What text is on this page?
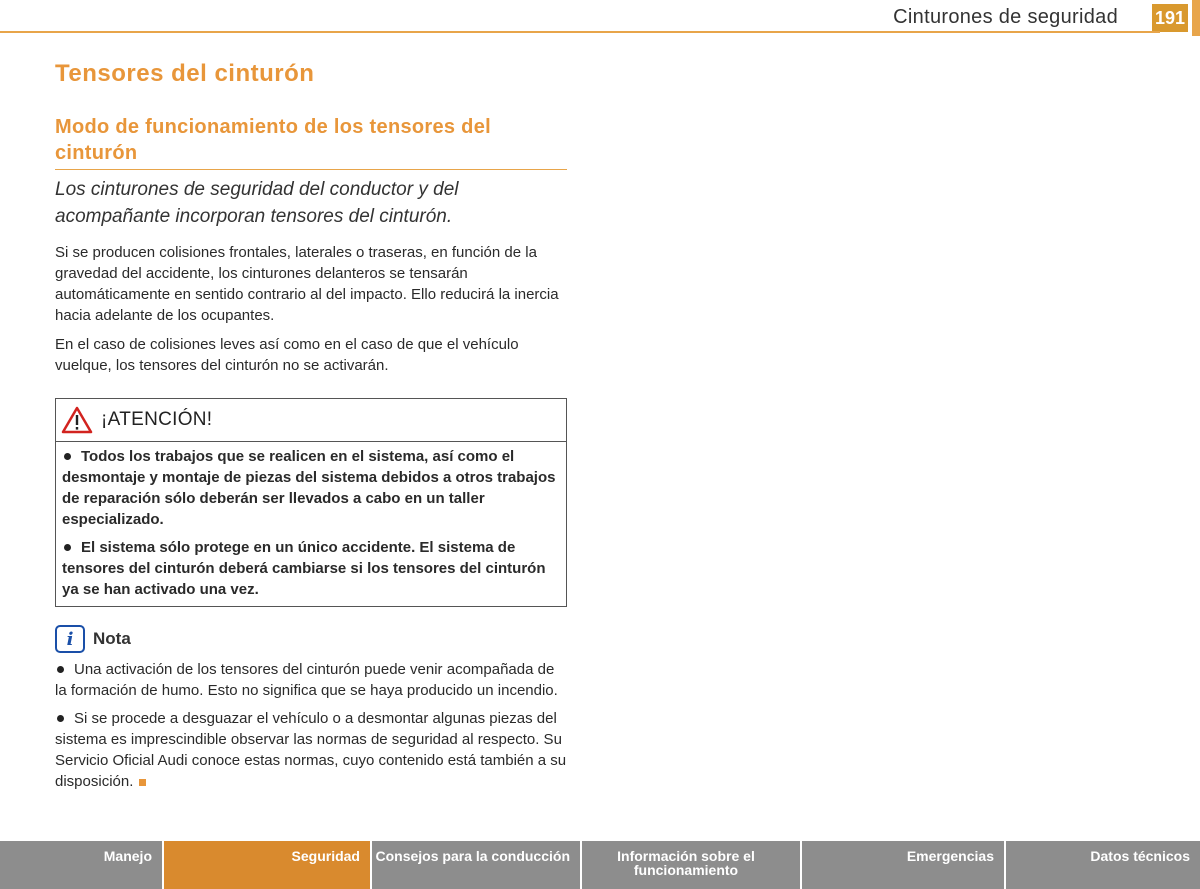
Cinturones de seguridad 191
Tensores del cinturón
Modo de funcionamiento de los tensores del cinturón

Los cinturones de seguridad del conductor y del acompañante incorporan tensores del cinturón.

Si se producen colisiones frontales, laterales o traseras, en función de la gravedad del accidente, los cinturones delanteros se tensarán automáticamente en sentido contrario al del impacto. Ello reducirá la inercia hacia adelante de los ocupantes.

En el caso de colisiones leves así como en el caso de que el vehículo vuelque, los tensores del cinturón no se activarán.

¡ATENCIÓN!

Todos los trabajos que se realicen en el sistema, así como el desmontaje y montaje de piezas del sistema debidos a otros trabajos de reparación sólo deberán ser llevados a cabo en un taller especializado.

El sistema sólo protege en un único accidente. El sistema de tensores del cinturón deberá cambiarse si los tensores del cinturón ya se han activado una vez.

i	Nota

Una activación de los tensores del cinturón puede venir acompañada de la formación de humo. Esto no significa que se haya producido un incendio.

Si se procede a desguazar el vehículo o a desmontar algunas piezas del sistema es imprescindible observar las normas de seguridad al respecto. Su Servicio Oficial Audi conoce estas normas, cuyo contenido está también a su disposición.

Manejo	Seguridad	Consejos para la conducción	Información sobre el funcionamiento
Emergencias	Datos técnicos
